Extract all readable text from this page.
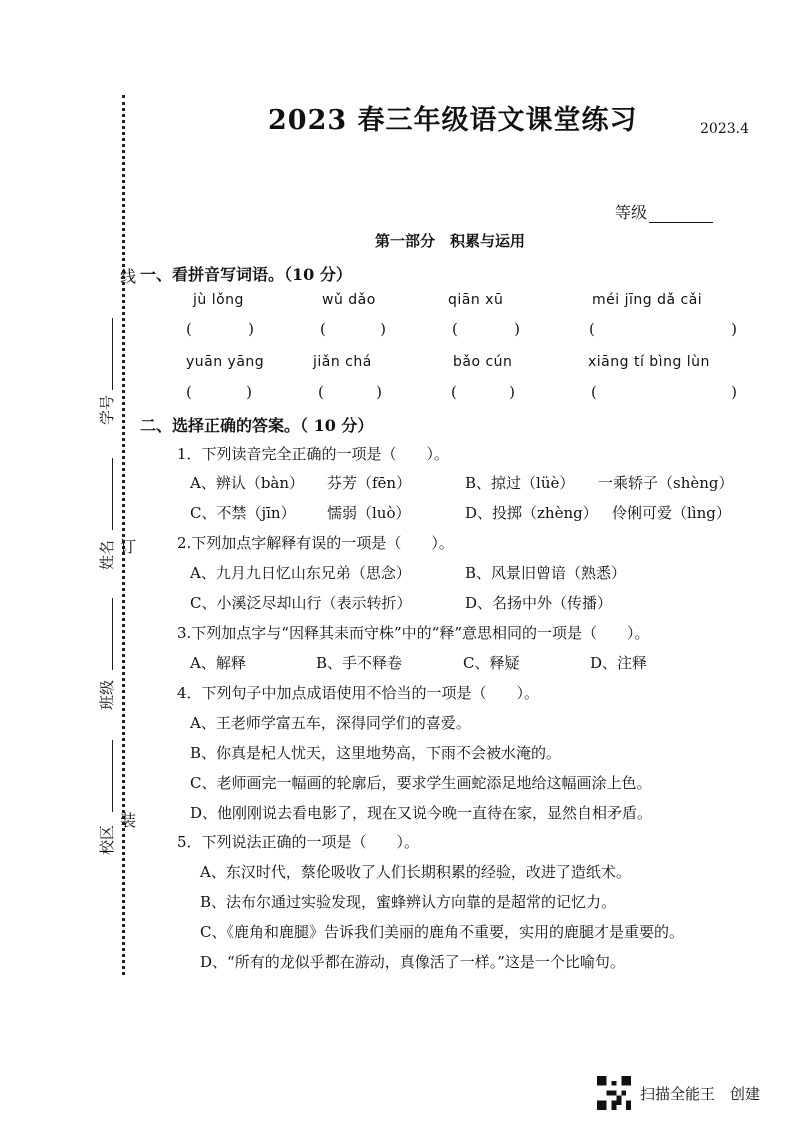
线
订
装
学号
姓名
班级
校区
2023 春三年级语文课堂练习	2023.4
等级
第一部分　积累与运用
一、看拼音写词语。（10 分）
jù lǒng	wǔ dǎo	qiān xū	méi jīng dǎ cǎi
(	)	(	)	(	)	(	)
yuān yāng	jiǎn chá	bǎo cún	xiāng tí bìng lùn
(	)	(	)	(	)	(	)
二、选择正确的答案。（ 10 分）
1．下列读音完全正确的一项是（　　）。
A、辨认（bàn） 芬芳（fēn）	B、掠过（lüè） 一乘轿子（shèng）
C、不禁（jīn） 懦弱（luò）	D、投掷（zhèng） 伶俐可爱（lìng）
2.下列加点字解释有误的一项是（　　）。
A、九月九日忆山东兄弟（思念）	B、风景旧曾谙（熟悉）
C、小溪泛尽却山行（表示转折）	D、名扬中外（传播）
3.下列加点字与“因释其耒而守株”中的“释”意思相同的一项是（　　）。
A、解释	B、手不释卷	C、释疑	D、注释
4．下列句子中加点成语使用不恰当的一项是（　　）。
A、王老师学富五车，深得同学们的喜爱。
B、你真是杞人忧天，这里地势高，下雨不会被水淹的。
C、老师画完一幅画的轮廓后，要求学生画蛇添足地给这幅画涂上色。
D、他刚刚说去看电影了，现在又说今晚一直待在家，显然自相矛盾。
5．下列说法正确的一项是（　　）。
A、东汉时代，蔡伦吸收了人们长期积累的经验，改进了造纸术。
B、法布尔通过实验发现，蜜蜂辨认方向靠的是超常的记忆力。
C、《鹿角和鹿腿》告诉我们美丽的鹿角不重要，实用的鹿腿才是重要的。
D、“所有的龙似乎都在游动，真像活了一样。”这是一个比喻句。
扫描全能王　创建
